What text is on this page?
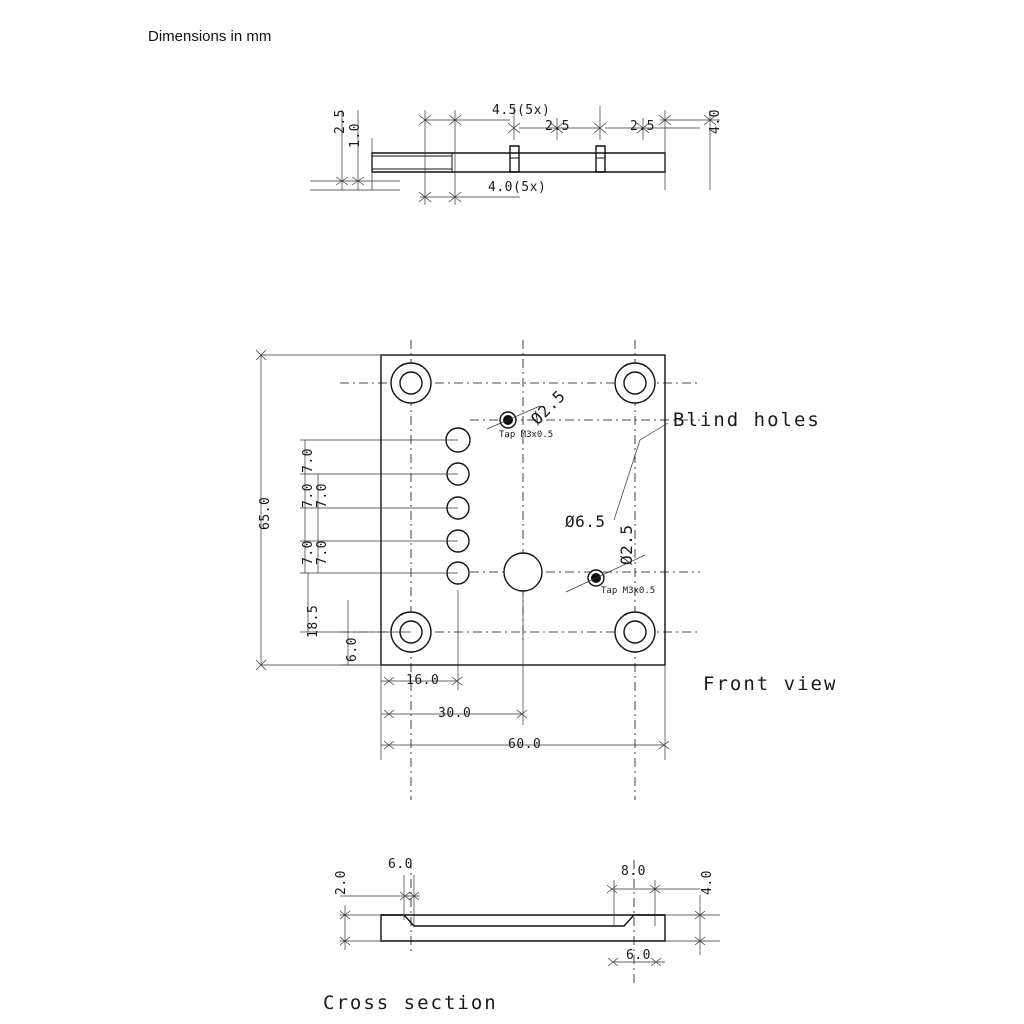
Dimensions in mm
1.0
2.5	4.5(5x)
2.5	2.5	4.0
4.0(5x)
65.0
7.0
7.0 7.0
7.0 7.0
18.5
6.0
16.0
30.0
60.0
Ø2.5
Tap M3x0.5
Ø6.5
Ø2.5
Tap M3x0.5
Blind holes
Front view
2.0
6.0	8.0	4.0
6.0
Cross section
